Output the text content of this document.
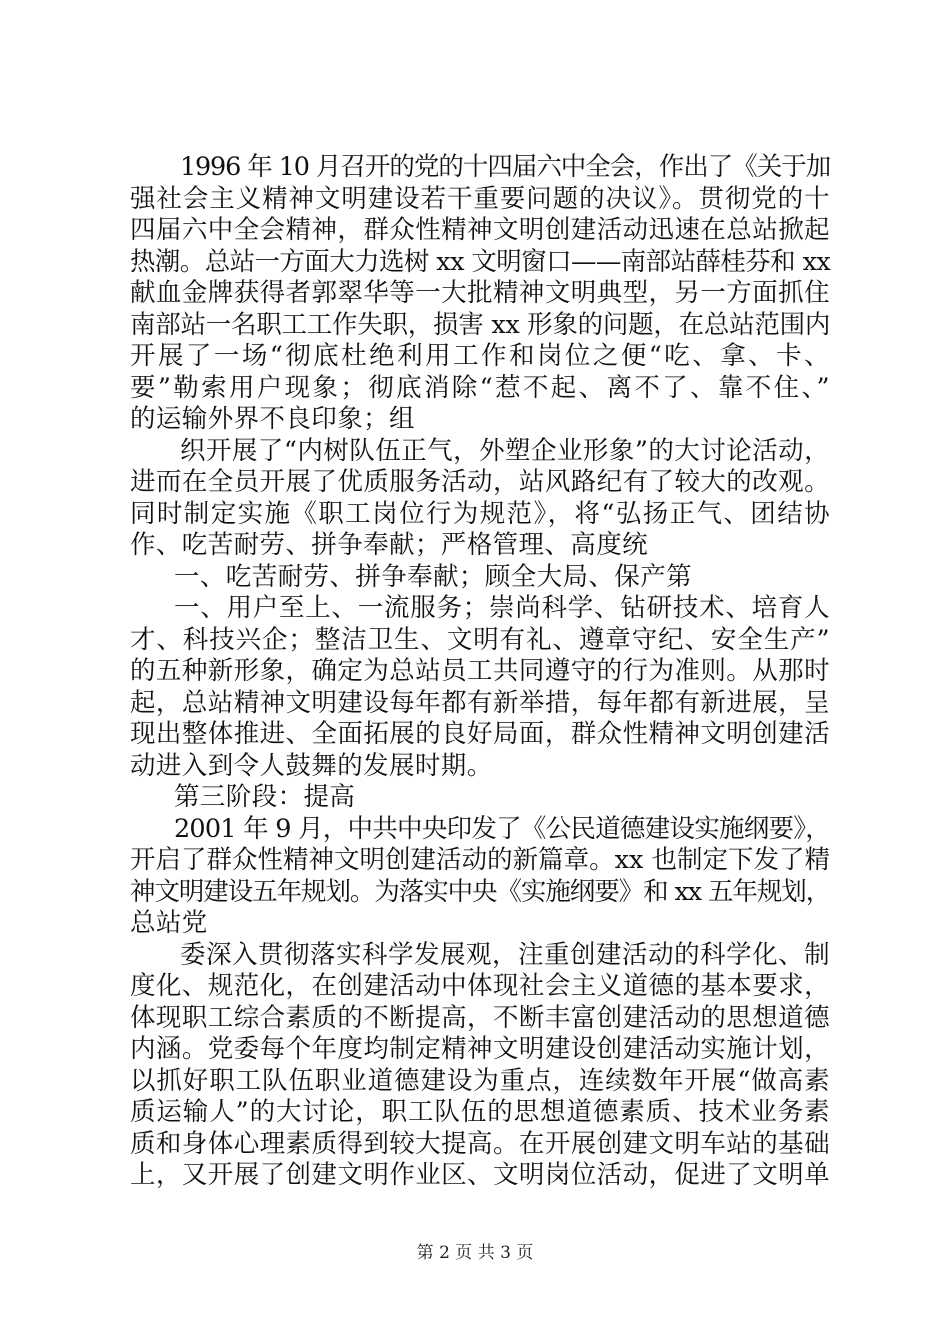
1996 年 10 月召开的党的十四届六中全会，作出了《关于加
强社会主义精神文明建设若干重要问题的决议》。贯彻党的十
四届六中全会精神，群众性精神文明创建活动迅速在总站掀起
热潮。总站一方面大力选树 xx 文明窗口——南部站薛桂芬和 xx
献血金牌获得者郭翠华等一大批精神文明典型，另一方面抓住
南部站一名职工工作失职，损害 xx 形象的问题，在总站范围内
开展了一场“彻底杜绝利用工作和岗位之便“吃、拿、卡、
要”勒索用户现象；彻底消除“惹不起、离不了、靠不住、”
的运输外界不良印象；组
织开展了“内树队伍正气，外塑企业形象”的大讨论活动，
进而在全员开展了优质服务活动，站风路纪有了较大的改观。
同时制定实施《职工岗位行为规范》，将“弘扬正气、团结协
作、吃苦耐劳、拼争奉献；严格管理、高度统
一、吃苦耐劳、拼争奉献；顾全大局、保产第
一、用户至上、一流服务；崇尚科学、钻研技术、培育人
才、科技兴企；整洁卫生、文明有礼、遵章守纪、安全生产”
的五种新形象，确定为总站员工共同遵守的行为准则。从那时
起，总站精神文明建设每年都有新举措，每年都有新进展，呈
现出整体推进、全面拓展的良好局面，群众性精神文明创建活
动进入到令人鼓舞的发展时期。
第三阶段：提高
2001 年 9 月，中共中央印发了《公民道德建设实施纲要》，
开启了群众性精神文明创建活动的新篇章。xx 也制定下发了精
神文明建设五年规划。为落实中央《实施纲要》和 xx 五年规划，
总站党
委深入贯彻落实科学发展观，注重创建活动的科学化、制
度化、规范化，在创建活动中体现社会主义道德的基本要求，
体现职工综合素质的不断提高，不断丰富创建活动的思想道德
内涵。党委每个年度均制定精神文明建设创建活动实施计划，
以抓好职工队伍职业道德建设为重点，连续数年开展“做高素
质运输人”的大讨论，职工队伍的思想道德素质、技术业务素
质和身体心理素质得到较大提高。在开展创建文明车站的基础
上，又开展了创建文明作业区、文明岗位活动，促进了文明单
第 2 页 共 3 页
